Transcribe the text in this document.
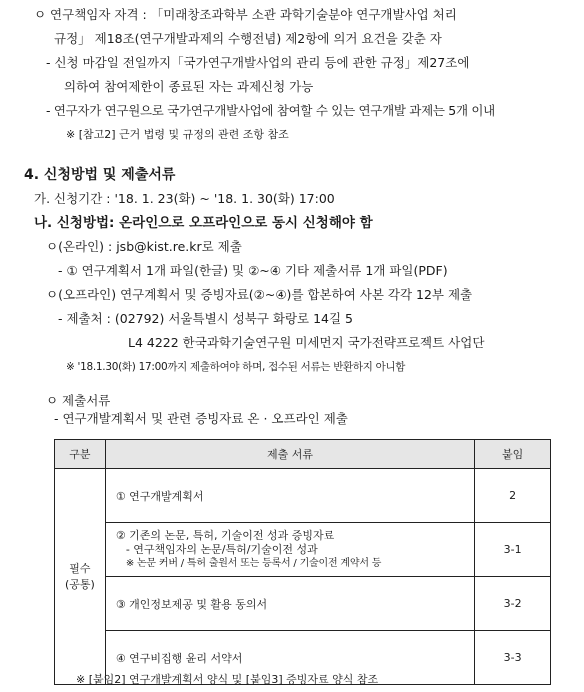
ㅇ 연구책임자 자격 : 「미래창조과학부 소관 과학기술분야 연구개발사업 처리
규정」 제18조(연구개발과제의 수행전념) 제2항에 의거 요건을 갖춘 자
- 신청 마감일 전일까지「국가연구개발사업의 관리 등에 관한 규정」제27조에
의하여 참여제한이 종료된 자는 과제신청 가능
- 연구자가 연구원으로 국가연구개발사업에 참여할 수 있는 연구개발 과제는 5개 이내
※ [참고2] 근거 법령 및 규정의 관련 조항 참조
4. 신청방법 및 제출서류
가. 신청기간 : '18. 1. 23(화) ~ '18. 1. 30(화) 17:00
나. 신청방법: 온라인으로 오프라인으로 동시 신청해야 함
ㅇ(온라인) : jsb@kist.re.kr로 제출
- ① 연구계획서 1개 파일(한글) 및 ②~④ 기타 제출서류 1개 파일(PDF)
ㅇ(오프라인) 연구계획서 및 증빙자료(②~④)를 합본하여 사본 각각 12부 제출
- 제출처 : (02792) 서울특별시 성북구 화랑로 14길 5
L4 4222 한국과학기술연구원 미세먼지 국가전략프로젝트 사업단
※ '18.1.30(화) 17:00까지 제출하여야 하며, 접수된 서류는 반환하지 아니함
ㅇ 제출서류
- 연구개발계획서 및 관련 증빙자료 온 · 오프라인 제출
구분	제출 서류	붙임
필수
(공통)	① 연구개발계획서	2

	② 기존의 논문, 특허, 기술이전 성과 증빙자료
- 연구책임자의 논문/특허/기술이전 성과
※ 논문 커버 / 특허 출원서 또는 등록서 / 기술이전 계약서 등	3-1
	③ 개인정보제공 및 활용 동의서	3-2
	④ 연구비집행 윤리 서약서	3-3
※ [붙임2] 연구개발계획서 양식 및 [붙임3] 증빙자료 양식 참조
